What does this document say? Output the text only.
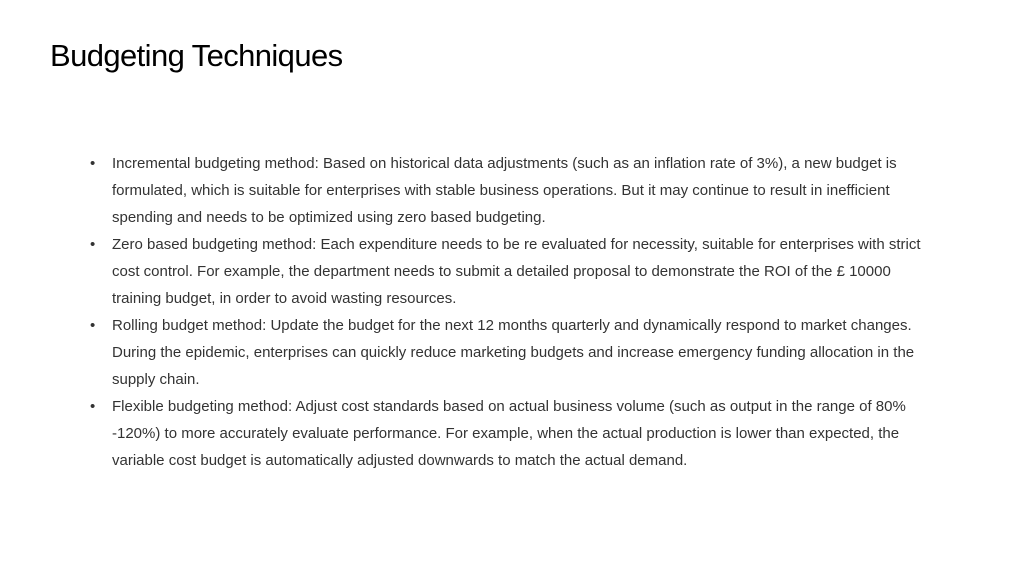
Budgeting Techniques
•	Incremental budgeting method: Based on historical data adjustments (such as an inflation rate of 3%), a new budget is formulated, which is suitable for enterprises with stable business operations. But it may continue to result in inefficient spending and needs to be optimized using zero based budgeting.
•	Zero based budgeting method: Each expenditure needs to be re evaluated for necessity, suitable for enterprises with strict cost control. For example, the department needs to submit a detailed proposal to demonstrate the ROI of the £ 10000 training budget, in order to avoid wasting resources.
•	Rolling budget method: Update the budget for the next 12 months quarterly and dynamically respond to market changes. During the epidemic, enterprises can quickly reduce marketing budgets and increase emergency funding allocation in the supply chain.
•	Flexible budgeting method: Adjust cost standards based on actual business volume (such as output in the range of 80% -120%) to more accurately evaluate performance. For example, when the actual production is lower than expected, the variable cost budget is automatically adjusted downwards to match the actual demand.
